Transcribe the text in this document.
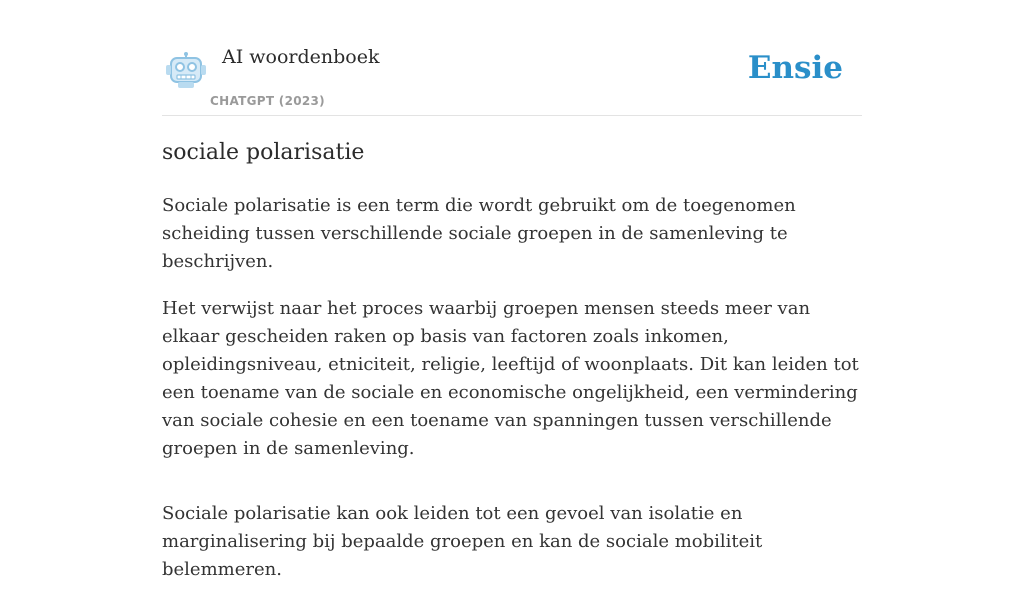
AI woordenboek
CHATGPT (2023)
Ensie
sociale polarisatie

Sociale polarisatie is een term die wordt gebruikt om de toegenomen scheiding tussen verschillende sociale groepen in de samenleving te beschrijven.

Het verwijst naar het proces waarbij groepen mensen steeds meer van elkaar gescheiden raken op basis van factoren zoals inkomen, opleidingsniveau, etniciteit, religie, leeftijd of woonplaats. Dit kan leiden tot een toename van de sociale en economische ongelijkheid, een vermindering van sociale cohesie en een toename van spanningen tussen verschillende groepen in de samenleving.

Sociale polarisatie kan ook leiden tot een gevoel van isolatie en marginalisering bij bepaalde groepen en kan de sociale mobiliteit belemmeren.
